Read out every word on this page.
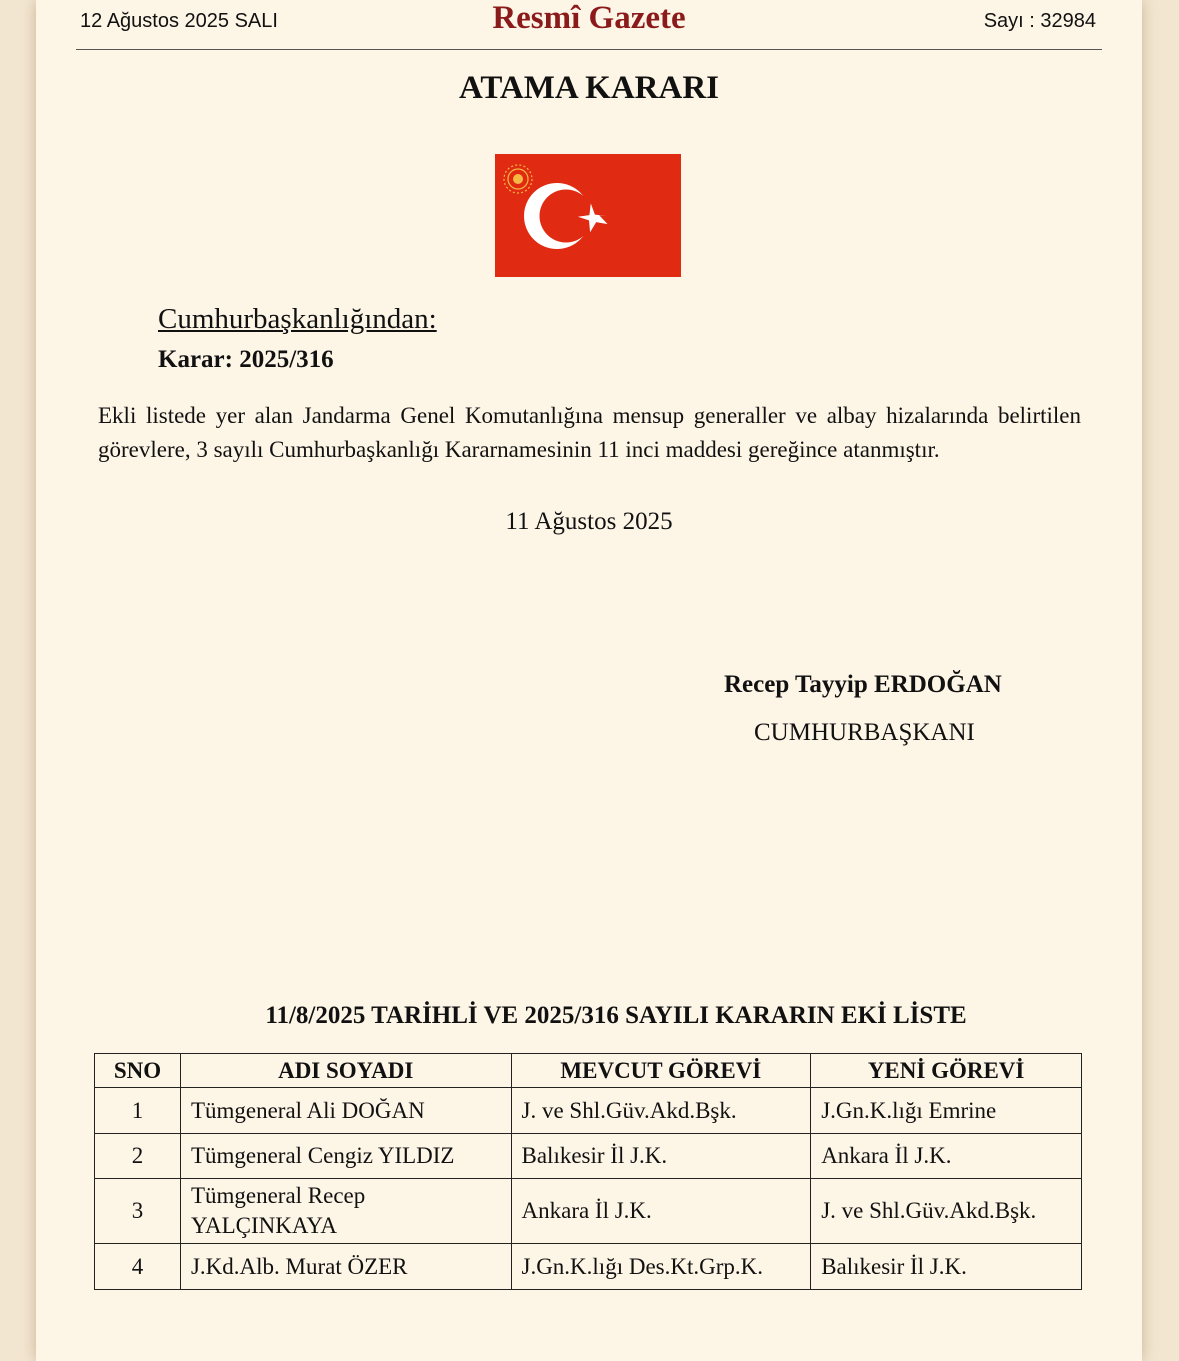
12 Ağustos 2025 SALI	Resmî Gazete	Sayı : 32984
ATAMA KARARI
Cumhurbaşkanlığından:
Karar: 2025/316
Ekli listede yer alan Jandarma Genel Komutanlığına mensup generaller ve albay hizalarında belirtilen görevlere, 3 sayılı Cumhurbaşkanlığı Kararnamesinin 11 inci maddesi gereğince atanmıştır.
11 Ağustos 2025
Recep Tayyip ERDOĞAN
CUMHURBAŞKANI
11/8/2025 TARİHLİ VE 2025/316 SAYILI KARARIN EKİ LİSTE
SNO	ADI SOYADI	MEVCUT GÖREVİ	YENİ GÖREVİ
1	Tümgeneral Ali DOĞAN	J. ve Shl.Güv.Akd.Bşk.	J.Gn.K.lığı Emrine
2	Tümgeneral Cengiz YILDIZ	Balıkesir İl J.K.	Ankara İl J.K.
3	Tümgeneral Recep YALÇINKAYA	Ankara İl J.K.	J. ve Shl.Güv.Akd.Bşk.
4	J.Kd.Alb. Murat ÖZER	J.Gn.K.lığı Des.Kt.Grp.K.	Balıkesir İl J.K.
